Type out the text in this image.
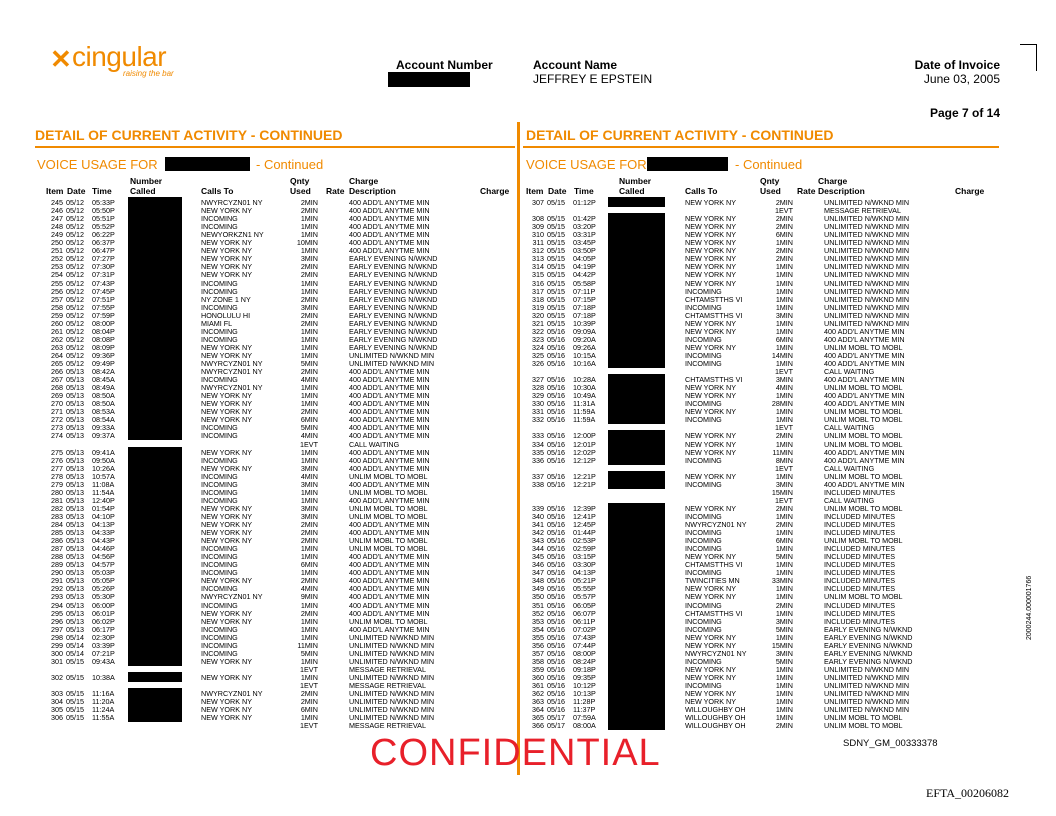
✕ cingular
raising the bar
Account Number	Account Name
JEFFREY E EPSTEIN
Date of Invoice
June 03, 2005
Page 7 of 14
DETAIL OF CURRENT ACTIVITY - CONTINUED	DETAIL OF CURRENT ACTIVITY - CONTINUED
VOICE USAGE FOR	- Continued	VOICE USAGE FOR	- Continued
Number	Qnty	Charge
Item Date Time Called	Calls To	Used Rate Description	Charge
Number	Qnty	Charge
Item Date Time	Called	Calls To	Used Rate Description	Charge
245 05/12 05:33P	NWYRCYZN01 NY	2MIN	400 ADD'L ANYTME MIN
246 05/12 05:50P	NEW YORK NY	2MIN	400 ADD'L ANYTME MIN
247 05/12 05:51P	INCOMING	1MIN	400 ADD'L ANYTME MIN
248 05/12 05:52P	INCOMING	1MIN	400 ADD'L ANYTME MIN
249 05/12 06:22P	NEWYORKZN1 NY	1MIN	400 ADD'L ANYTME MIN
250 05/12 06:37P	NEW YORK NY	10MIN	400 ADD'L ANYTME MIN
251 05/12 06:47P	NEW YORK NY	1MIN	400 ADD'L ANYTME MIN
252 05/12 07:27P	NEW YORK NY	3MIN	EARLY EVENING N/WKND
253 05/12 07:30P	NEW YORK NY	2MIN	EARLY EVENING N/WKND
254 05/12 07:31P	NEW YORK NY	2MIN	EARLY EVENING N/WKND
255 05/12 07:43P	INCOMING	1MIN	EARLY EVENING N/WKND
256 05/12 07:45P	INCOMING	1MIN	EARLY EVENING N/WKND
257 05/12 07:51P	NY ZONE 1 NY	2MIN	EARLY EVENING N/WKND
258 05/12 07:55P	INCOMING	3MIN	EARLY EVENING N/WKND
259 05/12 07:59P	HONOLULU HI	2MIN	EARLY EVENING N/WKND
260 05/12 08:00P	MIAMI FL	2MIN	EARLY EVENING N/WKND
261 05/12 08:04P	INCOMING	1MIN	EARLY EVENING N/WKND
262 05/12 08:08P	INCOMING	1MIN	EARLY EVENING N/WKND
263 05/12 08:09P	NEW YORK NY	1MIN	EARLY EVENING N/WKND
264 05/12 09:36P	NEW YORK NY	1MIN	UNLIMITED N/WKND MIN
265 05/12 09:49P	NWYRCYZN01 NY	5MIN	UNLIMITED N/WKND MIN
266 05/13 08:42A	NWYRCYZN01 NY	2MIN	400 ADD'L ANYTME MIN
267 05/13 08:45A	INCOMING	4MIN	400 ADD'L ANYTME MIN
268 05/13 08:49A	NWYRCYZN01 NY	1MIN	400 ADD'L ANYTME MIN
269 05/13 08:50A	NEW YORK NY	1MIN	400 ADD'L ANYTME MIN
270 05/13 08:50A	NEW YORK NY	1MIN	400 ADD'L ANYTME MIN
271 05/13 08:53A	NEW YORK NY	2MIN	400 ADD'L ANYTME MIN
272 05/13 08:54A	NEW YORK NY	6MIN	400 ADD'L ANYTME MIN
273 05/13 09:33A	INCOMING	5MIN	400 ADD'L ANYTME MIN
274 05/13 09:37A	INCOMING	4MIN	400 ADD'L ANYTME MIN
1EVT	CALL WAITING
275 05/13 09:41A	NEW YORK NY	1MIN	400 ADD'L ANYTME MIN
276 05/13 09:50A	INCOMING	1MIN	400 ADD'L ANYTME MIN
277 05/13 10:26A	NEW YORK NY	3MIN	400 ADD'L ANYTME MIN
278 05/13 10:57A	INCOMING	4MIN	UNLIM MOBL TO MOBL
279 05/13 11:08A	INCOMING	3MIN	400 ADD'L ANYTME MIN
280 05/13 11:54A	INCOMING	1MIN	UNLIM MOBL TO MOBL
281 05/13 12:40P	INCOMING	1MIN	400 ADD'L ANYTME MIN
282 05/13 01:54P	NEW YORK NY	3MIN	UNLIM MOBL TO MOBL
283 05/13 04:10P	NEW YORK NY	3MIN	UNLIM MOBL TO MOBL
284 05/13 04:13P	NEW YORK NY	2MIN	400 ADD'L ANYTME MIN
285 05/13 04:33P	NEW YORK NY	2MIN	400 ADD'L ANYTME MIN
286 05/13 04:43P	NEW YORK NY	2MIN	UNLIM MOBL TO MOBL
287 05/13 04:46P	INCOMING	1MIN	UNLIM MOBL TO MOBL
288 05/13 04:56P	INCOMING	1MIN	400 ADD'L ANYTME MIN
289 05/13 04:57P	INCOMING	6MIN	400 ADD'L ANYTME MIN
290 05/13 05:03P	INCOMING	1MIN	400 ADD'L ANYTME MIN
291 05/13 05:05P	NEW YORK NY	2MIN	400 ADD'L ANYTME MIN
292 05/13 05:26P	INCOMING	4MIN	400 ADD'L ANYTME MIN
293 05/13 05:30P	NWYRCYZN01 NY	9MIN	400 ADD'L ANYTME MIN
294 05/13 06:00P	INCOMING	1MIN	400 ADD'L ANYTME MIN
295 05/13 06:01P	NEW YORK NY	2MIN	400 ADD'L ANYTME MIN
296 05/13 06:02P	NEW YORK NY	1MIN	UNLIM MOBL TO MOBL
297 05/13 06:17P	INCOMING	1MIN	400 ADD'L ANYTME MIN
298 05/14 02:30P	INCOMING	1MIN	UNLIMITED N/WKND MIN
299 05/14 03:39P	INCOMING	11MIN	UNLIMITED N/WKND MIN
300 05/14 07:21P	INCOMING	5MIN	UNLIMITED N/WKND MIN
301 05/15 09:43A	NEW YORK NY	1MIN	UNLIMITED N/WKND MIN
1EVT	MESSAGE RETRIEVAL
302 05/15 10:38A	NEW YORK NY	1MIN	UNLIMITED N/WKND MIN
1EVT	MESSAGE RETRIEVAL
303 05/15 11:16A	NWYRCYZN01 NY	2MIN	UNLIMITED N/WKND MIN
304 05/15 11:20A	NEW YORK NY	2MIN	UNLIMITED N/WKND MIN
305 05/15 11:24A	NEW YORK NY	6MIN	UNLIMITED N/WKND MIN
306 05/15 11:55A	NEW YORK NY	1MIN	UNLIMITED N/WKND MIN
1EVT	MESSAGE RETRIEVAL
307 05/15 01:12P	NEW YORK NY	2MIN	UNLIMITED N/WKND MIN
1EVT	MESSAGE RETRIEVAL
308 05/15 01:42P	NEW YORK NY	2MIN	UNLIMITED N/WKND MIN
309 05/15 03:20P	NEW YORK NY	2MIN	UNLIMITED N/WKND MIN
310 05/15 03:31P	NEW YORK NY	6MIN	UNLIMITED N/WKND MIN
311 05/15 03:45P	NEW YORK NY	1MIN	UNLIMITED N/WKND MIN
312 05/15 03:50P	NEW YORK NY	2MIN	UNLIMITED N/WKND MIN
313 05/15 04:05P	NEW YORK NY	2MIN	UNLIMITED N/WKND MIN
314 05/15 04:19P	NEW YORK NY	1MIN	UNLIMITED N/WKND MIN
315 05/15 04:42P	NEW YORK NY	1MIN	UNLIMITED N/WKND MIN
316 05/15 05:58P	NEW YORK NY	1MIN	UNLIMITED N/WKND MIN
317 05/15 07:11P	INCOMING	1MIN	UNLIMITED N/WKND MIN
318 05/15 07:15P	CHTAMSTTHS VI	1MIN	UNLIMITED N/WKND MIN
319 05/15 07:18P	INCOMING	1MIN	UNLIMITED N/WKND MIN
320 05/15 07:18P	CHTAMSTTHS VI	3MIN	UNLIMITED N/WKND MIN
321 05/15 10:39P	NEW YORK NY	1MIN	UNLIMITED N/WKND MIN
322 05/16 09:09A	NEW YORK NY	1MIN	400 ADD'L ANYTME MIN
323 05/16 09:20A	INCOMING	6MIN	400 ADD'L ANYTME MIN
324 05/16 09:26A	NEW YORK NY	1MIN	UNLIM MOBL TO MOBL
325 05/16 10:15A	INCOMING	14MIN	400 ADD'L ANYTME MIN
326 05/16 10:16A	INCOMING	1MIN	400 ADD'L ANYTME MIN
1EVT	CALL WAITING
327 05/16 10:28A	CHTAMSTTHS VI	3MIN	400 ADD'L ANYTME MIN
328 05/16 10:30A	NEW YORK NY	4MIN	UNLIM MOBL TO MOBL
329 05/16 10:49A	NEW YORK NY	1MIN	400 ADD'L ANYTME MIN
330 05/16 11:31A	INCOMING	28MIN	400 ADD'L ANYTME MIN
331 05/16 11:59A	NEW YORK NY	1MIN	UNLIM MOBL TO MOBL
332 05/16 11:59A	INCOMING	1MIN	UNLIM MOBL TO MOBL
1EVT	CALL WAITING
333 05/16 12:00P	NEW YORK NY	2MIN	UNLIM MOBL TO MOBL
334 05/16 12:01P	NEW YORK NY	1MIN	UNLIM MOBL TO MOBL
335 05/16 12:02P	NEW YORK NY	11MIN	400 ADD'L ANYTME MIN
336 05/16 12:12P	INCOMING	8MIN	400 ADD'L ANYTME MIN
1EVT	CALL WAITING
337 05/16 12:21P	NEW YORK NY	1MIN	UNLIM MOBL TO MOBL
338 05/16 12:21P	INCOMING	3MIN	400 ADD'L ANYTME MIN
15MIN	INCLUDED MINUTES
1EVT	CALL WAITING
339 05/16 12:39P	NEW YORK NY	2MIN	UNLIM MOBL TO MOBL
340 05/16 12:41P	INCOMING	1MIN	INCLUDED MINUTES
341 05/16 12:45P	NWYRCYZN01 NY	2MIN	INCLUDED MINUTES
342 05/16 01:44P	INCOMING	1MIN	INCLUDED MINUTES
343 05/16 02:53P	INCOMING	6MIN	UNLIM MOBL TO MOBL
344 05/16 02:59P	INCOMING	1MIN	INCLUDED MINUTES
345 05/16 03:15P	NEW YORK NY	5MIN	INCLUDED MINUTES
346 05/16 03:30P	CHTAMSTTHS VI	1MIN	INCLUDED MINUTES
347 05/16 04:13P	INCOMING	1MIN	INCLUDED MINUTES
348 05/16 05:21P	TWINCITIES MN	33MIN	INCLUDED MINUTES
349 05/16 05:55P	NEW YORK NY	1MIN	INCLUDED MINUTES
350 05/16 05:57P	NEW YORK NY	1MIN	UNLIM MOBL TO MOBL
351 05/16 06:05P	INCOMING	2MIN	INCLUDED MINUTES
352 05/16 06:07P	CHTAMSTTHS VI	1MIN	INCLUDED MINUTES
353 05/16 06:11P	INCOMING	3MIN	INCLUDED MINUTES
354 05/16 07:02P	INCOMING	5MIN	EARLY EVENING N/WKND
355 05/16 07:43P	NEW YORK NY	1MIN	EARLY EVENING N/WKND
356 05/16 07:44P	NEW YORK NY	15MIN	EARLY EVENING N/WKND
357 05/16 08:00P	NWYRCYZN01 NY	3MIN	EARLY EVENING N/WKND
358 05/16 08:24P	INCOMING	5MIN	EARLY EVENING N/WKND
359 05/16 09:18P	NEW YORK NY	1MIN	UNLIMITED N/WKND MIN
360 05/16 09:35P	NEW YORK NY	1MIN	UNLIMITED N/WKND MIN
361 05/16 10:12P	INCOMING	1MIN	UNLIMITED N/WKND MIN
362 05/16 10:13P	NEW YORK NY	1MIN	UNLIMITED N/WKND MIN
363 05/16 11:28P	NEW YORK NY	1MIN	UNLIMITED N/WKND MIN
364 05/16 11:37P	WILLOUGHBY OH	1MIN	UNLIMITED N/WKND MIN
365 05/17 07:59A	WILLOUGHBY OH	1MIN	UNLIM MOBL TO MOBL
366 05/17 08:00A	WILLOUGHBY OH	2MIN	UNLIM MOBL TO MOBL
CONFIDENTIAL	SDNY_GM_00333378
EFTA_00206082
2000244.000001766
